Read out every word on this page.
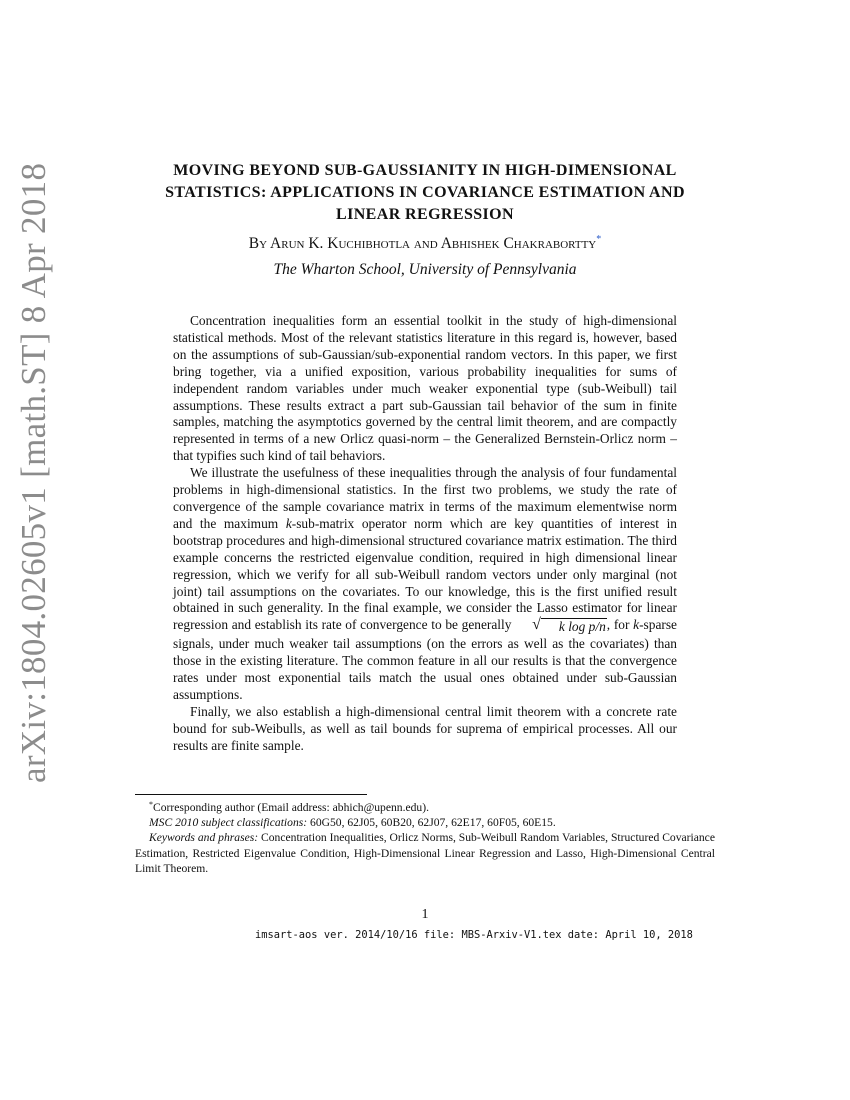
arXiv:1804.02605v1 [math.ST] 8 Apr 2018	MOVING BEYOND SUB-GAUSSIANITY IN HIGH-DIMENSIONAL
STATISTICS: APPLICATIONS IN COVARIANCE ESTIMATION AND
LINEAR REGRESSION
By Arun K. Kuchibhotla and Abhishek Chakrabortty*
The Wharton School, University of Pennsylvania

Concentration inequalities form an essential toolkit in the study of high-dimensional statistical methods. Most of the relevant statistics literature in this regard is, however, based on the assumptions of sub-Gaussian/sub-exponential random vectors. In this paper, we first bring together, via a unified exposition, various probability inequalities for sums of independent random variables under much weaker exponential type (sub-Weibull) tail assumptions. These results extract a part sub-Gaussian tail behavior of the sum in finite samples, matching the asymptotics governed by the central limit theorem, and are compactly represented in terms of a new Orlicz quasi-norm – the Generalized Bernstein-Orlicz norm – that typifies such kind of tail behaviors.

We illustrate the usefulness of these inequalities through the analysis of four fundamental problems in high-dimensional statistics. In the first two problems, we study the rate of convergence of the sample covariance matrix in terms of the maximum elementwise norm and the maximum k-sub-matrix operator norm which are key quantities of interest in bootstrap procedures and high-dimensional structured covariance matrix estimation. The third example concerns the restricted eigenvalue condition, required in high dimensional linear regression, which we verify for all sub-Weibull random vectors under only marginal (not joint) tail assumptions on the covariates. To our knowledge, this is the first unified result obtained in such generality. In the final example, we consider the Lasso estimator for linear regression and establish its rate of convergence to be generally	√	k log p/n , for k-sparse signals, under much weaker tail assumptions (on the errors as well as the covariates) than those in the existing literature. The common feature in all our results is that the convergence rates under most exponential tails match the usual ones obtained under sub-Gaussian assumptions.

Finally, we also establish a high-dimensional central limit theorem with a concrete rate bound for sub-Weibulls, as well as tail bounds for suprema of empirical processes. All our results are finite sample.

*Corresponding author (Email address: abhich@upenn.edu).

MSC 2010 subject classifications: 60G50, 62J05, 60B20, 62J07, 62E17, 60F05, 60E15.

Keywords and phrases: Concentration Inequalities, Orlicz Norms, Sub-Weibull Random Variables, Structured Covariance Estimation, Restricted Eigenvalue Condition, High-Dimensional Linear Regression and Lasso, High-Dimensional Central Limit Theorem.

1
imsart-aos ver. 2014/10/16 file: MBS-Arxiv-V1.tex date: April 10, 2018
